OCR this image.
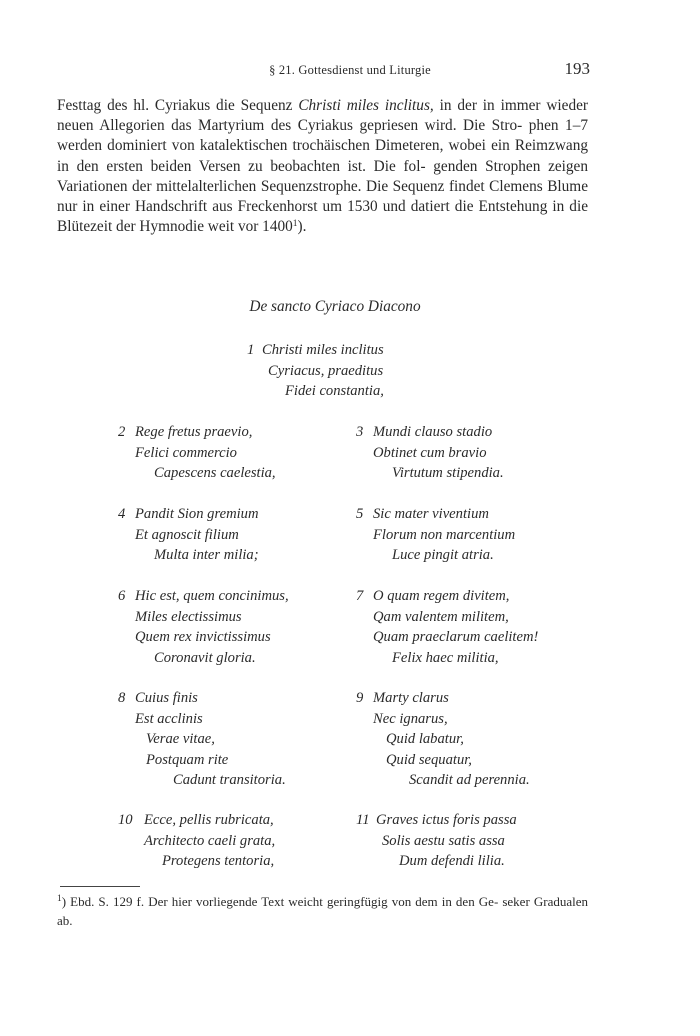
§ 21. Gottesdienst und Liturgie	193

Festtag des hl. Cyriakus die Sequenz Christi miles inclitus, in der in immer wieder neuen Allegorien das Martyrium des Cyriakus gepriesen wird. Die Stro- phen 1–7 werden dominiert von katalektischen trochäischen Dimeteren, wobei ein Reimzwang in den ersten beiden Versen zu beobachten ist. Die fol- genden Strophen zeigen Variationen der mittelalterlichen Sequenzstrophe. Die Sequenz findet Clemens Blume nur in einer Handschrift aus Freckenhorst um 1530 und datiert die Entstehung in die Blütezeit der Hymnodie weit vor 1400$^1$).

De sancto Cyriaco Diacono
1 Christi miles inclitus
Cyriacus, praeditus
Fidei constantia,
2 Rege fretus praevio,
Felici commercio
Capescens caelestia,
4 Pandit Sion gremium
Et agnoscit filium
Multa inter milia;
6 Hic est, quem concinimus,
Miles electissimus
Quem rex invictissimus
Coronavit gloria.
8 Cuius finis
Est acclinis
Verae vitae,
Postquam rite
Cadunt transitoria.
10 Ecce, pellis rubricata,
Architecto caeli grata,
Protegens tentoria,
3 Mundi clauso stadio
Obtinet cum bravio
Virtutum stipendia.
5 Sic mater viventium
Florum non marcentium
Luce pingit atria.
7 O quam regem divitem,
Qam valentem militem,
Quam praeclarum caelitem!
Felix haec militia,
9 Marty clarus
Nec ignarus,
Quid labatur,
Quid sequatur,
Scandit ad perennia.
11 Graves ictus foris passa
Solis aestu satis assa
Dum defendi lilia.
$^1$) Ebd. S. 129 f. Der hier vorliegende Text weicht geringfügig von dem in den Ge- seker Gradualen ab.
